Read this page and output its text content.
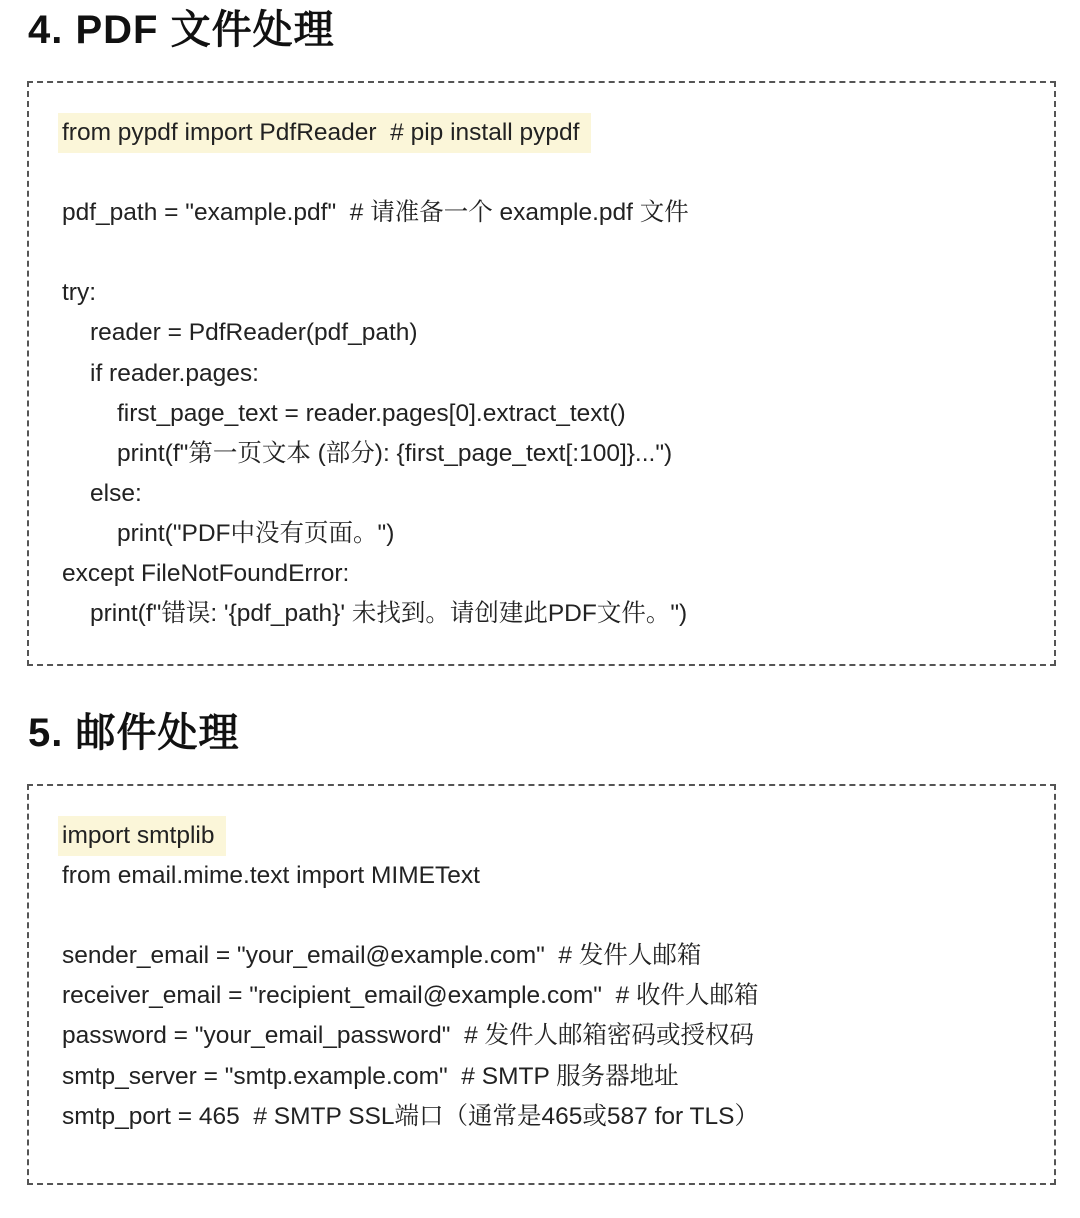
4. PDF 文件处理
from pypdf import PdfReader  # pip install pypdf
pdf_path = "example.pdf"  # 请准备一个 example.pdf 文件
try:
reader = PdfReader(pdf_path)
if reader.pages:
first_page_text = reader.pages[0].extract_text()
print(f"第一页文本 (部分): {first_page_text[:100]}...")
else:
print("PDF中没有页面。")
except FileNotFoundError:
print(f"错误: '{pdf_path}' 未找到。请创建此PDF文件。")
5. 邮件处理
import smtplib
from email.mime.text import MIMEText
sender_email = "your_email@example.com"  # 发件人邮箱
receiver_email = "recipient_email@example.com"  # 收件人邮箱
password = "your_email_password"  # 发件人邮箱密码或授权码
smtp_server = "smtp.example.com"  # SMTP 服务器地址
smtp_port = 465  # SMTP SSL端口（通常是465或587 for TLS）
